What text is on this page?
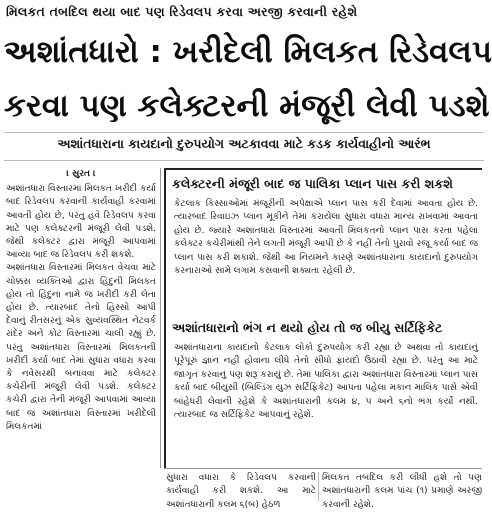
મિલકત તબદિલ થયા બાદ પણ રિડેવલપ કરવા અરજી કરવાની રહેશે
અશાંતધારો : ખરીદેલી મિલકત રિડેવલપ
કરવા પણ કલેક્ટરની મંજૂરી લેવી પડશે
અશાંતધારાના કાયદાનો દુરુપયોગ અટકાવવા માટે કડક કાર્યવાહીનો આરંભ

। સુરત ।

અશાંતધારા વિસ્તારમાં મિલકત ખરીદી કર્યા બાદ રિડેવલપ કરવાની કાર્યવાહી કરવામાં આવતી હોય છે, પરંતુ હવે રિડેવલપ કરવા માટે પણ કલેક્ટરની મંજૂરી લેવી પડશે. જેથી કલેક્ટર દ્વારા મંજૂરી આપવામાં આવ્યા બાદ જ રિડેવલપ કરી શકશે.

અશાંતધારા વિસ્તારમાં મિલકત વેચવા માટે ચોક્કસ વ્યક્તિઓ દ્વારા હિંદુની મિલકત હોય તો હિંદુના નામે જ ખરીદી કરી લેતા હોય છે. ત્યારબાદ તેનો હિસ્સો આપી દેવાનું રીતસરનું એક સુવ્યવસ્થિત નેટવર્ક રાંદેર અને કોટ વિસ્તારમાં ચાલી રહ્યું છે. પરંતુ અશાંતધારા વિસ્તારમાં મિલકતની ખરીદી કર્યા બાદ તેમાં સુધારા વધારા કરવા કે નવેસરથી બનાવવા માટે કલેક્ટર કચેરીની મંજૂરી લેવી પડશે. કલેક્ટર કચેરી દ્વારા તેની મંજૂરી આપવામાં આવ્યા બાદ જ અશાંતધારા વિસ્તારમાં ખરીદેલી મિલકતમાં

કલેક્ટરની મંજૂરી બાદ જ પાલિકા પ્લાન પાસ કરી શકશે
કેટલાક કિસ્સાઓમાં મંજૂરીની અપેક્ષાએ પ્લાન પાસ કરી દેવામાં આવતા હોય છે. ત્યારબાદ રિવાઇઝ પ્લાન મૂકીને તેમાં કરાયેલા સુધારા વધારા માન્ય રાખવામાં આવતા હોય છે. જ્યારે અશાંતધારા વિસ્તારમાં આવતી મિલકતનો પ્લાન પાસ કરતા પહેલા કલેક્ટર કચેરીમાંથી તેને લગતી મંજૂરી આપી છે કે નહીં તેનો પુરાવો રજૂ કર્યા બાદ જ પ્લાન પાસ કરી શકાશે. જેથી આ નિયમને કારણે અશાંતધારાના કાયદાનો દુરુપયોગ કરનારાઓ સામે લગામ કસવાની શક્યતા રહેલી છે.
અશાંતધારાનો ભંગ ન થયો હોય તો જ બીયુ સર્ટિફિકેટ
અશાંતધારાના કાયદાનો કેટલાક લોકો દુરુપયોગ કરી રહ્યા છે અથવા તો કાયદાનું પૂરેપૂરું જ્ઞાન નહીં હોવાના લીધે તેનો સીધો ફાયદો ઉઠાવી રહ્યા છે. પરંતુ આ માટે જાગૃત કરવાનું પણ શરૂ કરાયું છે. તેમાં પાલિકા દ્વારા અશાંતધારા વિસ્તારમાં પ્લાન પાસ કર્યા બાદ બીયુસી (બિલ્ડિંગ યુઝ સર્ટિફિકેટ) આપતા પહેલા મકાન માલિક પાસે એવી બાંહેધરી લેવાની રહેશે કે અશાંતધારાની કલમ ૪, ૫ અને ૬નો ભંગ કર્યો નથી. ત્યારબાદ જ સર્ટિફિકેટ આપવાનું રહેશે.
સુધારા વધારા કે રિડેવલપ કરવાની કાર્યવાહી કરી શકશે. આ માટે અશાંતધારાની કલમ ૬(બ) હેઠળ
મિલકત તબદિલ કરી લીધી હશે તો પણ અશાંતધારાની કલમ પાંચ (૧) પ્રમાણે અરજી કરવાની રહેશે.
